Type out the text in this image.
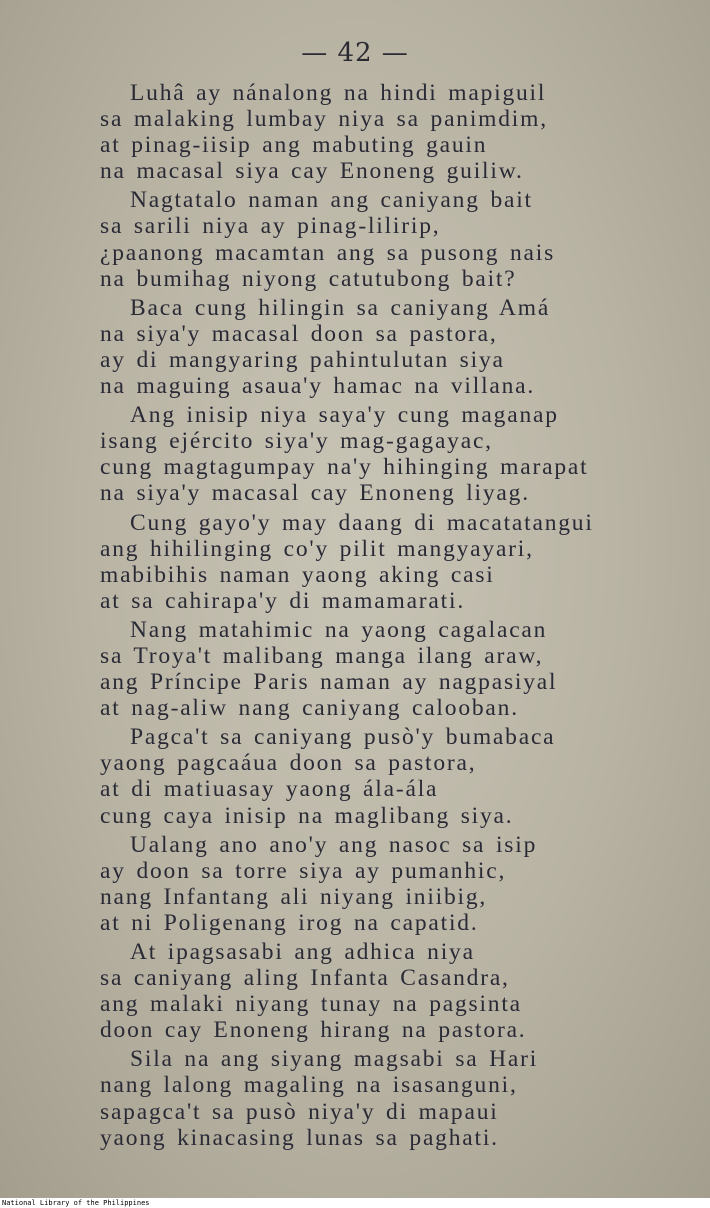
— 42 —
Luhâ ay nánalong na hindi mapiguil
sa malaking lumbay niya sa panimdim,
at pinag-iisip ang mabuting gauin
na macasal siya cay Enoneng guiliw.
Nagtatalo naman ang caniyang bait
sa sarili niya ay pinag-lilirip,
¿paanong macamtan ang sa pusong nais
na bumihag niyong catutubong bait?
Baca cung hilingin sa caniyang Amá
na siya'y macasal doon sa pastora,
ay di mangyaring pahintulutan siya
na maguing asaua'y hamac na villana.
Ang inisip niya saya'y cung maganap
isang ejército siya'y mag-gagayac,
cung magtagumpay na'y hihinging marapat
na siya'y macasal cay Enoneng liyag.
Cung gayo'y may daang di macatatangui
ang hihilinging co'y pilit mangyayari,
mabibihis naman yaong aking casi
at sa cahirapa'y di mamamarati.
Nang matahimic na yaong cagalacan
sa Troya't malibang manga ilang araw,
ang Príncipe Paris naman ay nagpasiyal
at nag-aliw nang caniyang calooban.
Pagca't sa caniyang pusò'y bumabaca
yaong pagcaáua doon sa pastora,
at di matiuasay yaong ála-ála
cung caya inisip na maglibang siya.
Ualang ano ano'y ang nasoc sa isip
ay doon sa torre siya ay pumanhic,
nang Infantang ali niyang iniibig,
at ni Poligenang irog na capatid.
At ipagsasabi ang adhica niya
sa caniyang aling Infanta Casandra,
ang malaki niyang tunay na pagsinta
doon cay Enoneng hirang na pastora.
Sila na ang siyang magsabi sa Hari
nang lalong magaling na isasanguni,
sapagca't sa pusò niya'y di mapaui
yaong kinacasing lunas sa paghati.
National Library of the Philippines
